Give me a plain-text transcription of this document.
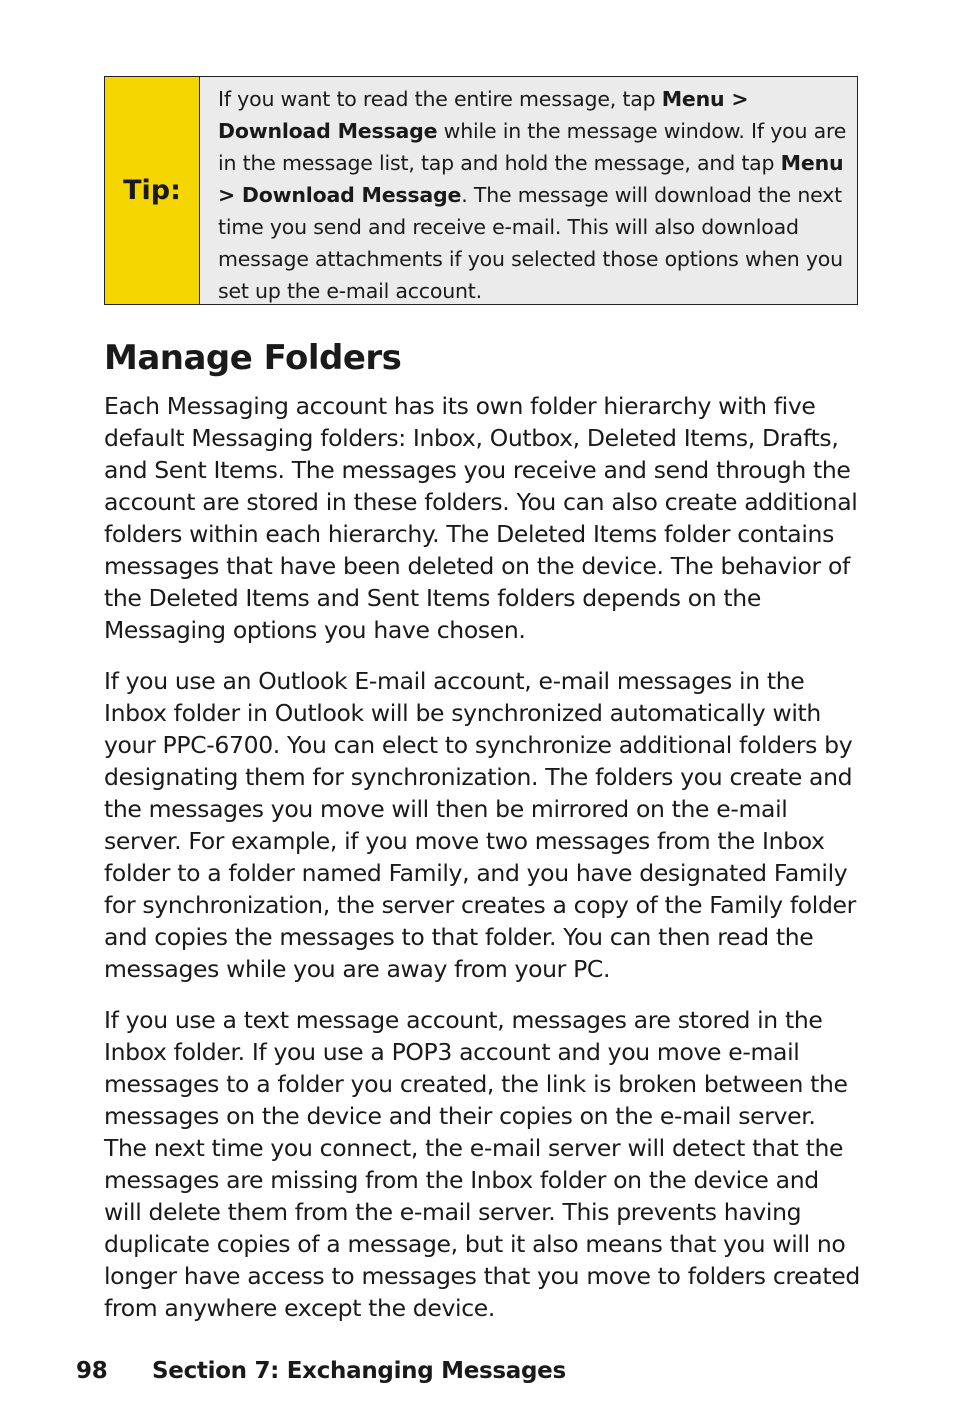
Tip:
If you want to read the entire message, tap Menu > Download Message while in the message window. If you are in the message list, tap and hold the message, and tap Menu > Download Message. The message will download the next time you send and receive e-mail. This will also download message attachments if you selected those options when you set up the e-mail account.
Manage Folders

Each Messaging account has its own folder hierarchy with five default Messaging folders: Inbox, Outbox, Deleted Items, Drafts, and Sent Items. The messages you receive and send through the account are stored in these folders. You can also create additional folders within each hierarchy. The Deleted Items folder contains messages that have been deleted on the device. The behavior of the Deleted Items and Sent Items folders depends on the Messaging options you have chosen.

If you use an Outlook E-mail account, e-mail messages in the Inbox folder in Outlook will be synchronized automatically with your PPC-6700. You can elect to synchronize additional folders by designating them for synchronization. The folders you create and the messages you move will then be mirrored on the e-mail server. For example, if you move two messages from the Inbox folder to a folder named Family, and you have designated Family for synchronization, the server creates a copy of the Family folder and copies the messages to that folder. You can then read the messages while you are away from your PC.

If you use a text message account, messages are stored in the Inbox folder. If you use a POP3 account and you move e-mail messages to a folder you created, the link is broken between the messages on the device and their copies on the e-mail server. The next time you connect, the e-mail server will detect that the messages are missing from the Inbox folder on the device and will delete them from the e-mail server. This prevents having duplicate copies of a message, but it also means that you will no longer have access to messages that you move to folders created from anywhere except the device.

98 Section 7: Exchanging Messages
